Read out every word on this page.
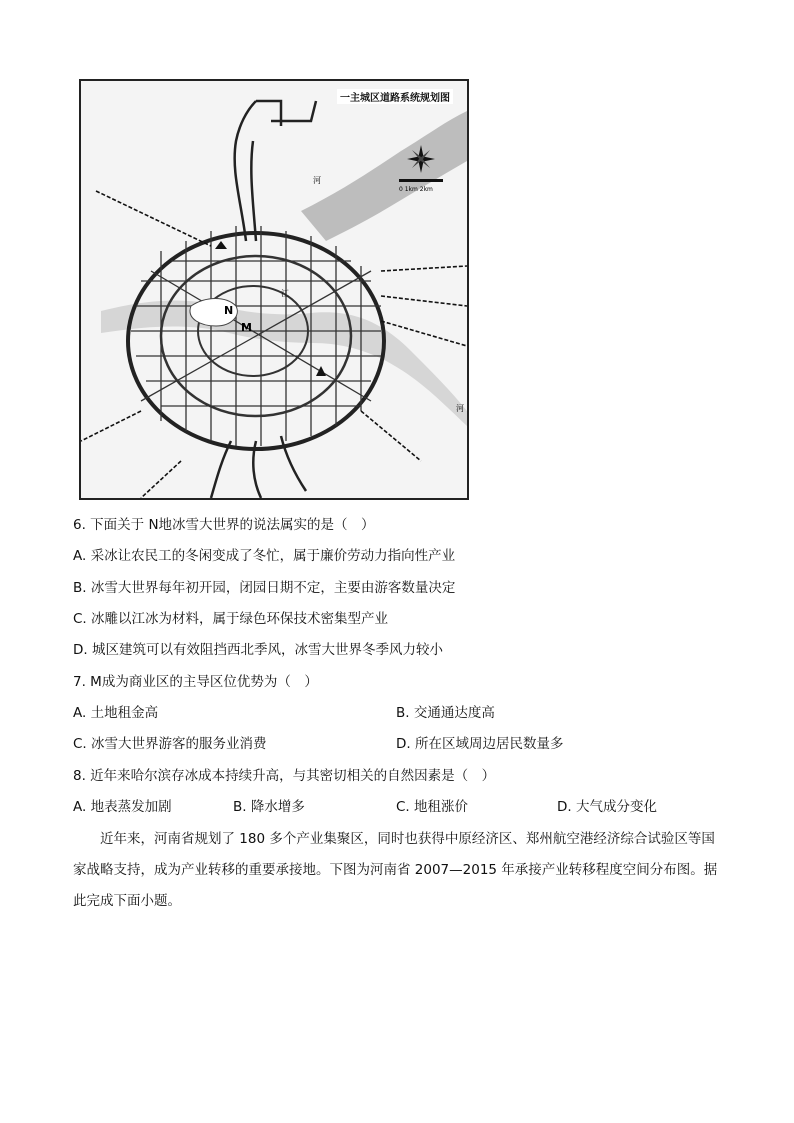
N
M
河
江
河
0 1km 2km
一主城区道路系统规划图
6. 下面关于 N地冰雪大世界的说法属实的是（　）
A. 采冰让农民工的冬闲变成了冬忙，属于廉价劳动力指向性产业
B. 冰雪大世界每年初开园，闭园日期不定，主要由游客数量决定
C. 冰雕以江冰为材料，属于绿色环保技术密集型产业
D. 城区建筑可以有效阻挡西北季风，冰雪大世界冬季风力较小
7. M成为商业区的主导区位优势为（　）
A. 土地租金高	B. 交通通达度高
C. 冰雪大世界游客的服务业消费	D. 所在区域周边居民数量多
8. 近年来哈尔滨存冰成本持续升高，与其密切相关的自然因素是（　）
A. 地表蒸发加剧	B. 降水增多	C. 地租涨价	D. 大气成分变化
近年来，河南省规划了 180 多个产业集聚区，同时也获得中原经济区、郑州航空港经济综合试验区等国家战略支持，成为产业转移的重要承接地。下图为河南省 2007—2015 年承接产业转移程度空间分布图。据此完成下面小题。
